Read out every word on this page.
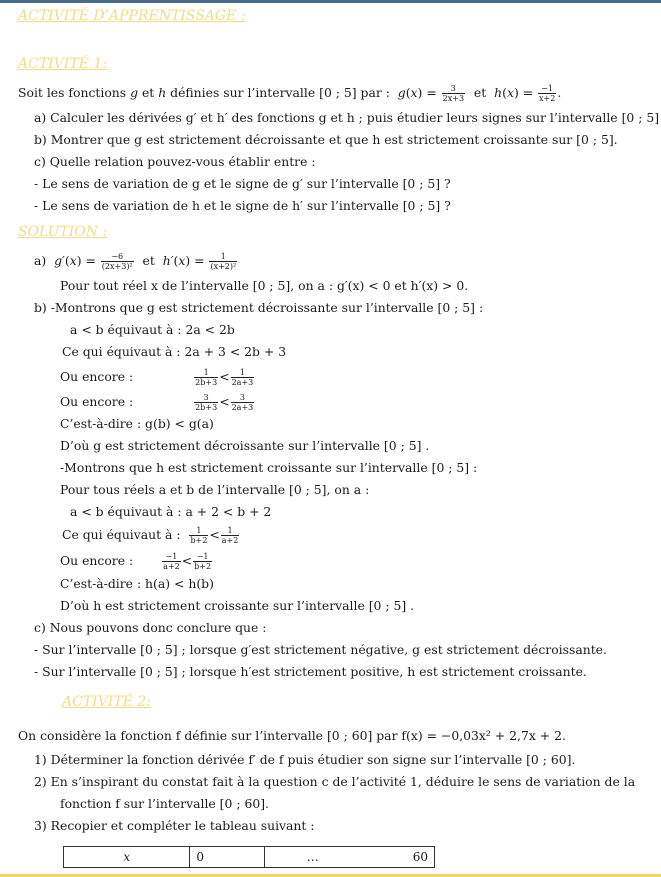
ACTIVITÉ D’APPRENTISSAGE :
ACTIVITÉ 1:
Soit les fonctions g et h définies sur l’intervalle [0 ; 5] par :  $g(x) = \frac{3}{2x+3}$ et  $h(x) = \frac{-1}{x+2}$ .
a) Calculer les dérivées g′ et h′ des fonctions g et h ; puis étudier leurs signes sur l’intervalle [0 ; 5]
b) Montrer que g est strictement décroissante et que h est strictement croissante sur [0 ; 5].
c) Quelle relation pouvez-vous établir entre :
- Le sens de variation de g et le signe de g′ sur l’intervalle [0 ; 5] ?
- Le sens de variation de h et le signe de h′ sur l’intervalle [0 ; 5] ?
SOLUTION :
a)  $g'(x) = \frac{-6}{\text{(2x+3)²}}$ et  $h'(x) = \frac{1}{\text{(x+2)²}}$
Pour tout réel x de l’intervalle [0 ; 5], on a : g′(x) < 0 et h′(x) > 0.
b) -Montrons que g est strictement décroissante sur l’intervalle [0 ; 5] :
a < b équivaut à : 2a < 2b
Ce qui équivaut à : 2a + 3 < 2b + 3
Ou encore :	$\frac{1}{2b+3} < \frac{1}{2a+3}$
Ou encore :	$\frac{3}{2b+3} < \frac{3}{2a+3}$
C’est-à-dire : g(b) < g(a)
D’où g est strictement décroissante sur l’intervalle [0 ; 5] .
-Montrons que h est strictement croissante sur l’intervalle [0 ; 5] :
Pour tous réels a et b de l’intervalle [0 ; 5], on a :
a < b équivaut à : a + 2 < b + 2
Ce qui équivaut à : $\frac{1}{b+2} < \frac{1}{a+2}$
Ou encore :	$\frac{-1}{a+2} < \frac{-1}{b+2}$
C’est-à-dire : h(a) < h(b)
D’où h est strictement croissante sur l’intervalle [0 ; 5] .
c) Nous pouvons donc conclure que :
- Sur l’intervalle [0 ; 5] ; lorsque g′est strictement négative, g est strictement décroissante.
- Sur l’intervalle [0 ; 5] ; lorsque h′est strictement positive, h est strictement croissante.
ACTIVITÉ 2:
On considère la fonction f définie sur l’intervalle [0 ; 60] par f(x) = −0,03x² + 2,7x + 2.
1) Déterminer la fonction dérivée f′ de f puis étudier son signe sur l’intervalle [0 ; 60].
2) En s’inspirant du constat fait à la question c de l’activité 1, déduire le sens de variation de la
fonction f sur l’intervalle [0 ; 60].
3) Recopier et compléter le tableau suivant :
x	0	…	60
